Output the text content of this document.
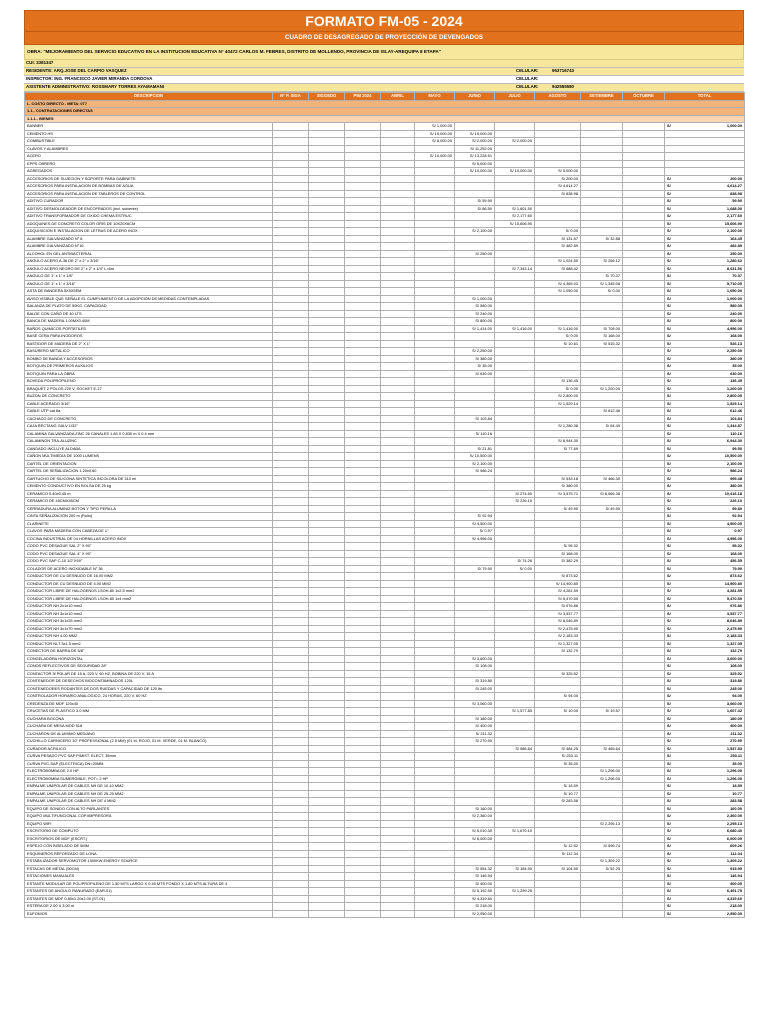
FORMATO FM-05 - 2024
CUADRO DE DESAGREGADO DE PROYECCIÓN DE DEVENGADOS
OBRA: "MEJORAMIENTO DEL SERVICIO EDUCATIVO EN LA INSTITUCION EDUCATIVA N° 40472 CARLOS M. FEBRES, DISTRITO DE MOLLENDO, PROVINCIA DE ISLAY-AREQUIPA 8 ETAPA"
CUI: 2381347
RESIDENTE: ARQ.JOSE DEL CARPIO VASQUEZ	CELULAR:	953716743
INSPECTOR: ING. FRANCISCO JAVIER MIRANDA CORDOVA	CELULAR:
ASISTENTE ADMINISTRATIVO: ROSSMARY TORRES AYAMAMANI	CELULAR:	942555580
DESCRIPCION	N° P. SIGA	SIGGEDO	PIM 2024	ABRIL	MAYO	JUNIO	JULIO	AGOSTO	SETIEMBRE	OCTUBRE	TOTAL
I.- COSTO DIRECTO - META: 077											
1.1.- CONTRATACIONES DIRECTAS											
1.1.1.- BIENES											
BANNER					S/ 1,000.00						S/ 1,000.00
CEMENTO HS					S/ 15,000.00	S/ 15,000.00					
COMBUSTIBLE					S/ 8,000.00	S/ 2,000.00	S/ 2,000.00				
CLAVOS Y ALAMBRES						S/ 11,252.00					
ACERO					S/ 10,000.00	S/ 13,228.51					
EPPS OBRERO						S/ 6,000.00					
AGREGADOS						S/ 10,000.00	S/ 10,000.00	S/ 5,000.00			
ACCESORIOS DE SUJECION Y SOPORTE PARA GABINETE								S/ 200.00			S/ 200.00
ACCESORIOS PARA INSTALACION DE BOMBAS DE AGUA								S/ 4,614.27			S/ 4,614.27
ACCESORIOS PARA INSTALACION DE TABLEROS DE CONTROL								S/ 838.98			S/ 838.98
ADITIVO CURADOR						S/ 59.90					S/ 59.90
ADITIVO DESMOLDEADOR DE ENCOFRADOS (incl. solvente)						S/ 86.50	S/ 1,601.50				S/ 1,688.00
ADITIVO TRANSFORMADOR DE OXIDO CHEMA ESTRUC							S/ 2,177.60				S/ 2,177.60
ADOQUINES DE CONCRETO COLOR GRIS DE 10X20X6CM							S/ 15,606.90				S/ 15,606.90
ADQUISICION E INSTALACION DE LETRAS DE ACERO INOX						S/ 2,100.00		S/ 0.00			S/ 2,100.00
ALAMBRE GALVANIZADO N° 8								S/ 131.57	S/ 32.88		S/ 164.45
ALAMBRE GALVANIZADO N°16								S/ 482.89			S/ 482.89
ALCOHOL EN GEL ANTIBACTERIAL						S/ 250.00					S/ 250.00
ANGULO ACERO A-36 DE 2" x 2" x 3/16"								S/ 1,024.50	S/ 256.12		S/ 1,280.62
ANGULO ACERO NEGRO DE 2" x 2" x 1/4" L=6m							S/ 7,343.14	S/ 688.42			S/ 8,031.56
ANGULO DE 1" x 1" x 1/8"									S/ 70.37		S/ 70.37
ANGULO DE 1" x 1" x 3/16"								S/ 4,365.03	S/ 1,345.08		S/ 5,710.00
ASTA DE BANDERA 5X5X5EM								S/ 1,050.00	S/ 0.00		S/ 1,050.00
AVISO VISIBLE QUE SEÑALE EL CUMPLIMIENTO DE LA ADOPCION DE MEDIDAS CONTEMPLADAS						S/ 1,000.00					S/ 1,000.00
BALANZA DE PLATO DE 50KG. CAPACIDAD						S/ 580.00					S/ 580.00
BALDE CON CAÑO DE 40 LTS						S/ 240.00					S/ 240.00
BANCA DE MADERA 1.00MX0.40M						S/ 800.00					S/ 800.00
BAÑOS QUIMICOS PORTATILES						S/ 1,414.00	S/ 1,416.00	S/ 1,416.00	S/ 708.00		S/ 4,956.00
BASE CERA PARA INODOROS								S/ 0.00	S/ 168.00		S/ 168.00
BASTIDOR DE MADERA DE 2" X 1"								S/ 10.61	S/ 515.32		S/ 526.13
BASURERO METALICO						S/ 2,250.00					S/ 2,250.00
BOMBO DE BANDA Y ACCESORIOS						S/ 380.00					S/ 380.00
BOTIQUIN DE PRIMEROS AUXILIOS						S/ 35.00					S/ 35.00
BOTIQUIN PARA LA OBRA						S/ 630.00					S/ 630.00
BOVEDA POLIPROPILENO								S/ 136.45			S/ 136.45
BRAQUET 2 POLOS 220 V, SOCKET E-27								S/ 0.00	S/ 1,200.00		S/ 1,200.00
BUZON DE CONCRETO								S/ 2,800.00			S/ 2,800.00
CABLE ACERADO 3/16"								S/ 1,529.14			S/ 1,529.14
CABLE UTP cat 6a									S/ 612.46		S/ 612.46
CACHACO DE CONCRETO						S/ 103.84					S/ 103.84
CAJA RECTANG GALV 1/32"								S/ 1,280.38	S/ 64.49		S/ 1,344.87
CALAMINA GALVANIZADA ZINC 26 CANALES 1.83 X 0.830 m X 0.4 mm						S/ 110.16					S/ 110.16
CALAMINON TRA-ALUZINC								S/ 6,944.30			S/ 6,944.30
CANDADO INCLUYE ALDABA						S/ 21.81		S/ 77.69			S/ 99.50
CAÑON MULTIMEDIA DE 1000 LUMENS						S/ 10,500.00					S/ 10,500.00
CARTEL DE ORIENTACION						S/ 2,100.00					S/ 2,100.00
CARTEL DE SEÑALIZACION 1.20x0.60						S/ 986.24					S/ 986.24
CARTUCHO DE SILICONA SINTETICA INCOLORA DE 310 ml								S/ 533.18	S/ 466.30		S/ 999.48
CEMENTO CONDUCTIVO EN BOLSA DE 25 kg								S/ 380.00			S/ 380.00
CERAMICO 0.40x0.45 m							S/ 274.60	S/ 3,575.71	S/ 6,566.38		S/ 10,416.18
CERAMICO DE 45CMX45CM							S/ 226.10				S/ 226.10
CERRADURA ALUMINIZ BOTON Y TIPO PERILLA								S/ 49.90	S/ 49.90		S/ 99.80
CINTA SEÑALIZACION 200 m (Rollo)						S/ 92.94					S/ 92.94
CLARINETE						S/ 4,500.00					S/ 4,500.00
CLAVOS PARA MADERA CON CABEZA DE 1"						S/ 0.97					S/ 0.97
COCINA INDUSTRIAL DE 04 HORNILLAS ACERO INOX						S/ 4,956.00					S/ 4,956.00
CODO PVC DESAGUE SAL 2" X 90°								S/ 95.32			S/ 95.32
CODO PVC DESAGUE SAL 4" X 90°								S/ 168.00			S/ 168.00
CODO PVC SAP C-10 1/2"X90°							S/ 74.26	S/ 382.29			S/ 456.55
COLADOR DE ACERO INOXIDABLE N° 36						S/ 79.90	S/ 0.00				S/ 79.90
CONDUCTOR DE CU DESNUDO DE 16.00 MM2								S/ 873.62			S/ 873.62
CONDUCTOR DE CU DESNUDO DE 4.00 MM2								S/ 14,900.80			S/ 14,900.80
CONDUCTOR LIBRE DE HALOGENOS LSOH-80 1x2.5 mm2								S/ 4,281.59			S/ 4,281.59
CONDUCTOR LIBRE DE HALOGENOS LSOH-80 1x4 mm2								S/ 5,470.50			S/ 5,470.50
CONDUCTOR NH 2x1x10 mm2								S/ 976.86			S/ 976.86
CONDUCTOR NH 3x1x10 mm2								S/ 3,537.77			S/ 3,537.77
CONDUCTOR NH 3x1x25 mm2								S/ 8,046.89			S/ 8,046.89
CONDUCTOR NH 3x1x70 mm2								S/ 2,475.90			S/ 2,475.90
CONDUCTOR NH 4.00 MM2								S/ 2,183.33			S/ 2,183.33
CONDUCTOR NLT 3x1.5 mm2								S/ 1,327.05			S/ 1,327.05
CONECTOR DE BARRA DE 5/8"								S/ 132.79			S/ 132.79
CONGELADORA HORIZONTAL						S/ 3,600.00					S/ 3,600.00
CONOS REFLECTIVOS DE SEGURIDAD 28"						S/ 108.00					S/ 108.00
CONTACTOR 3f POLAR DE 15 A, 220 V, 60 HZ, BOBINA DE 220 V, 15 A								S/ 325.52			S/ 325.52
CONTENEDOR DE DESECHOS BIOCONTAMINADOS 120L						S/ 319.80					S/ 319.80
CONTENEDORES RODANTES DE DOS RUEDAS Y CAPACIDAD DE 120 lts						S/ 245.00					S/ 245.00
CONTROLADOR HORARIO ANALOGICO, 24 HORAS, 220 V, 60 HZ								S/ 94.00			S/ 94.00
CREDENZA DE MDF 120x40						S/ 3,060.00					S/ 3,060.00
CRUCETAS DE PLASTICO 3.0 MM							S/ 1,577.85	S/ 10.00	S/ 19.57		S/ 1,607.42
CUCHARA BOCONA						S/ 180.00					S/ 180.00
CUCHARA DE MESA MOD 518						S/ 400.00					S/ 400.00
CUCHARON DE ALUMINIO MEDIANO						S/ 211.32					S/ 211.32
CUCHILLO CARNICERO 10" PROFESSIONAL (2.5 MM) (01 M. ROJO, 01 M. VERDE, 01 M. BLANCO)						S/ 270.90					S/ 270.90
CURADOR ACRILICO							S/ 586.84	S/ 484.25	S/ 465.64		S/ 1,537.83
CURVA PESADO PVC SAP P/MIST. ELECT. 35mm								S/ 253.11			S/ 253.11
CURVA PVC-SAP (ELECTRICA) DN=20MM								S/ 35.00			S/ 35.00
ELECTROBOMBA DE 2.0 HP									S/ 1,296.00		S/ 1,296.00
ELECTROBOMBA SUMERGIBLE, POT= 2 HP									S/ 1,296.00		S/ 1,296.00
EMPALME UNIPOLAR DE CABLES NH DE 10-10 MM2								S/ 18.59			S/ 18.59
EMPALME UNIPOLAR DE CABLES NH DE 25-25 MM2								S/ 10.77			S/ 10.77
EMPALME UNIPOLAR DE CABLES NH DE 4 MM2								S/ 283.58			S/ 283.58
EQUIPO DE SONIDO CON ALTO PARLANTES						S/ 160.00					S/ 160.00
EQUIPO MULTIFUNCIONAL COP./IMPRESORA						S/ 2,360.00					S/ 2,360.00
EQUIPO WIFI									S/ 2,295.13		S/ 2,295.13
ESCRITORIO DE COMPUTO						S/ 5,010.30	S/ 1,670.10				S/ 6,680.40
ESCRITORIOS DE MDF (ESCRT.)						S/ 6,000.00					S/ 6,000.00
ESPEJO CON BISELADO DE 5MM								S/ 12.52	S/ 596.74		S/ 609.26
ESQUINEROS REFORZADO DE LONA								S/ 112.34			S/ 112.34
ESTABILIZADOR SERVOMOTOR 1500KW ENERGY SOURCE									S/ 1,309.22		S/ 1,309.22
ESTACAS DE METAL (50CM)						S/ 554.32	S/ 184.90	S/ 104.50	S/ 52.25		S/ 915.95
ESTACIONES MANUALES						S/ 146.94					S/ 146.94
ESTANTE MODULAR DE POLIPROPILENO DE 1.50 MTS LARGO X 0.45 MTS FONDO X 1.80 MTS ALTURA DE 4						S/ 400.00					S/ 400.00
ESTANTES DE ANGULO RANURADO (EAR-01)						S/ 5,192.50	S/ 1,299.25				S/ 6,491.75
ESTANTES DE MDF 0.80x1.20x2.00 (ST-01)						S/ 4,319.60					S/ 4,319.60
ESTERA DE 2.00 X 3.00 m						S/ 218.00					S/ 218.00
EUFONIOS						S/ 2,950.00					S/ 2,950.00
